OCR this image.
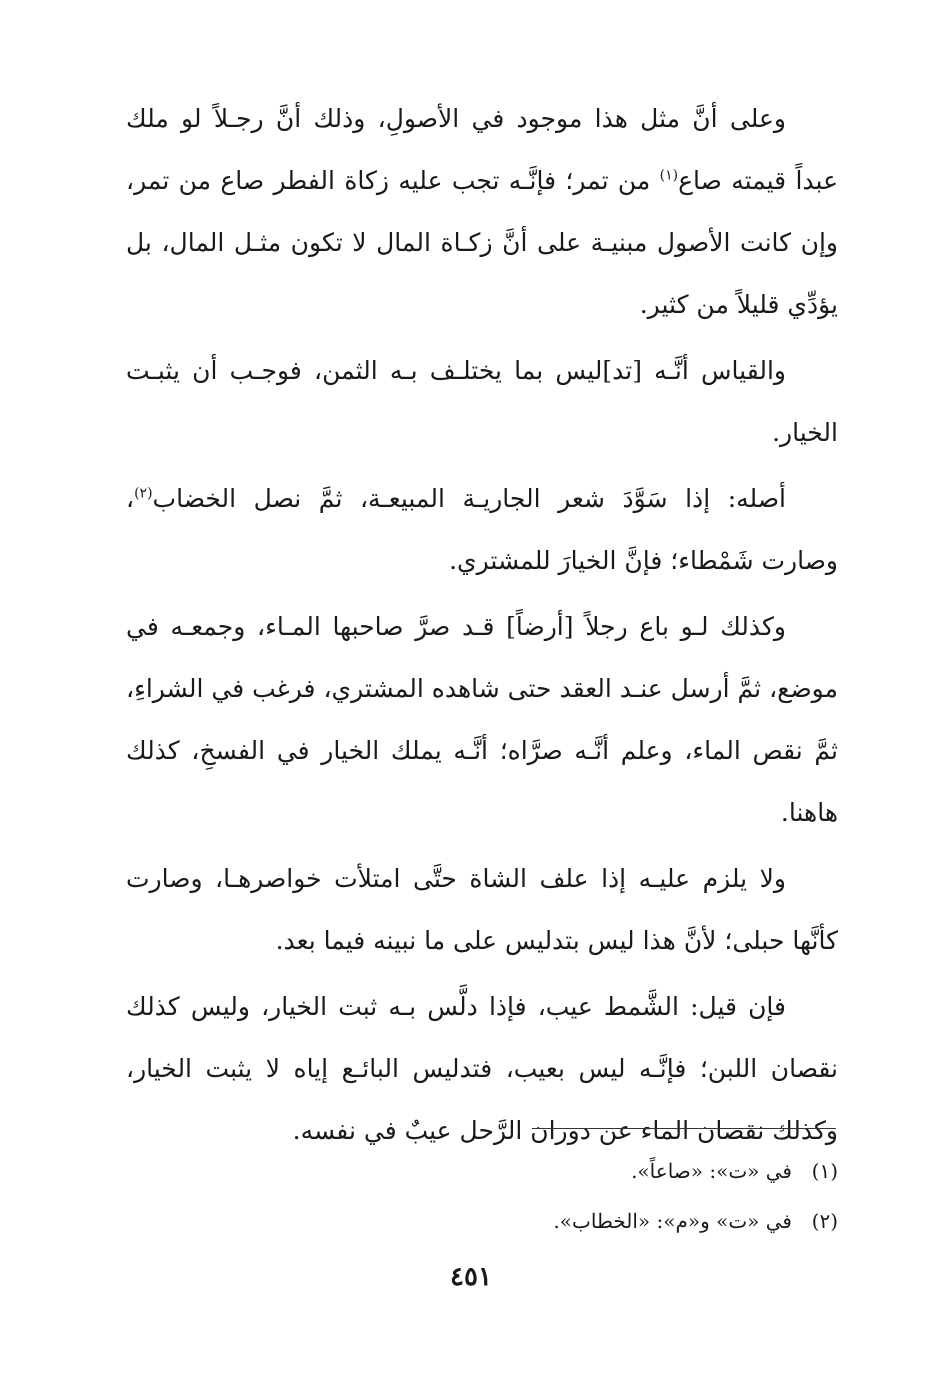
وعلى أنَّ مثل هذا موجود في الأصولِ، وذلك أنَّ رجـلاً لو ملك عبداً قيمته صاع$^{(١)}$ من تمر؛ فإنَّـه تجب عليه زكاة الفطر صاع من تمر، وإن كانت الأصول مبنيـة على أنَّ زكـاة المال لا تكون مثـل المال، بل يؤدِّي قليلاً من كثير.

والقياس أنَّـه [تد]ليس بما يختلـف بـه الثمن، فوجـب أن يثبـت الخيار.

أصله: إذا سَوَّدَ شعر الجاريـة المبيعـة، ثمَّ نصل الخضاب$^{(٢)}$، وصارت شَمْطاء؛ فإنَّ الخيارَ للمشتري.

وكذلك لـو باع رجلاً [أرضاً] قـد صرَّ صاحبها المـاء، وجمعـه في موضع، ثمَّ أرسل عنـد العقد حتى شاهده المشتري، فرغب في الشراءِ، ثمَّ نقص الماء، وعلم أنَّـه صرَّاه؛ أنَّـه يملك الخيار في الفسخِ، كذلك هاهنا.

ولا يلزم عليـه إذا علف الشاة حتَّى امتلأت خواصرهـا، وصارت كأنَّها حبلى؛ لأنَّ هذا ليس بتدليس على ما نبينه فيما بعد.

فإن قيل: الشَّمط عيب، فإذا دلَّس بـه ثبت الخيار، وليس كذلك نقصان اللبن؛ فإنَّـه ليس بعيب، فتدليس البائـع إياه لا يثبت الخيار، وكذلك نقصان الماء عن دوران الرَّحل عيبٌ في نفسه.

(١)في «ت»: «صاعاً».

(٢)في «ت» و«م»: «الخطاب».

٤٥١
